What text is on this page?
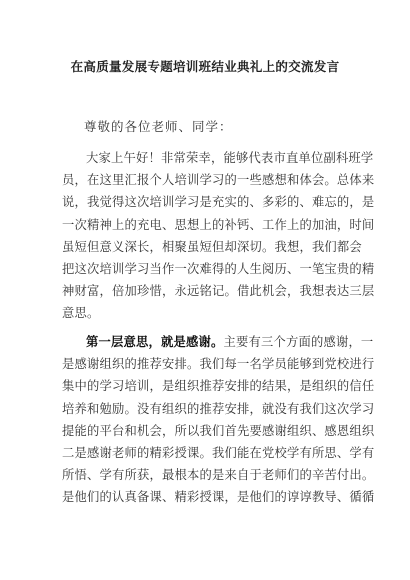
在高质量发展专题培训班结业典礼上的交流发言
尊敬的各位老师、同学：
大家上午好！非常荣幸，能够代表市直单位副科班学
员，在这里汇报个人培训学习的一些感想和体会。总体来
说，我觉得这次培训学习是充实的、多彩的、难忘的，是
一次精神上的充电、思想上的补钙、工作上的加油，时间
虽短但意义深长，相聚虽短但却深切。我想，我们都会
把这次培训学习当作一次难得的人生阅历、一笔宝贵的精
神财富，倍加珍惜，永远铭记。借此机会，我想表达三层
意思。
第一层意思，就是感谢。主要有三个方面的感谢，一
是感谢组织的推荐安排。我们每一名学员能够到党校进行
集中的学习培训，是组织推荐安排的结果，是组织的信任
培养和勉励。没有组织的推荐安排，就没有我们这次学习
提能的平台和机会，所以我们首先要感谢组织、感恩组织
二是感谢老师的精彩授课。我们能在党校学有所思、学有
所悟、学有所获，最根本的是来自于老师们的辛苦付出。
是他们的认真备课、精彩授课，是他们的谆谆教导、循循
